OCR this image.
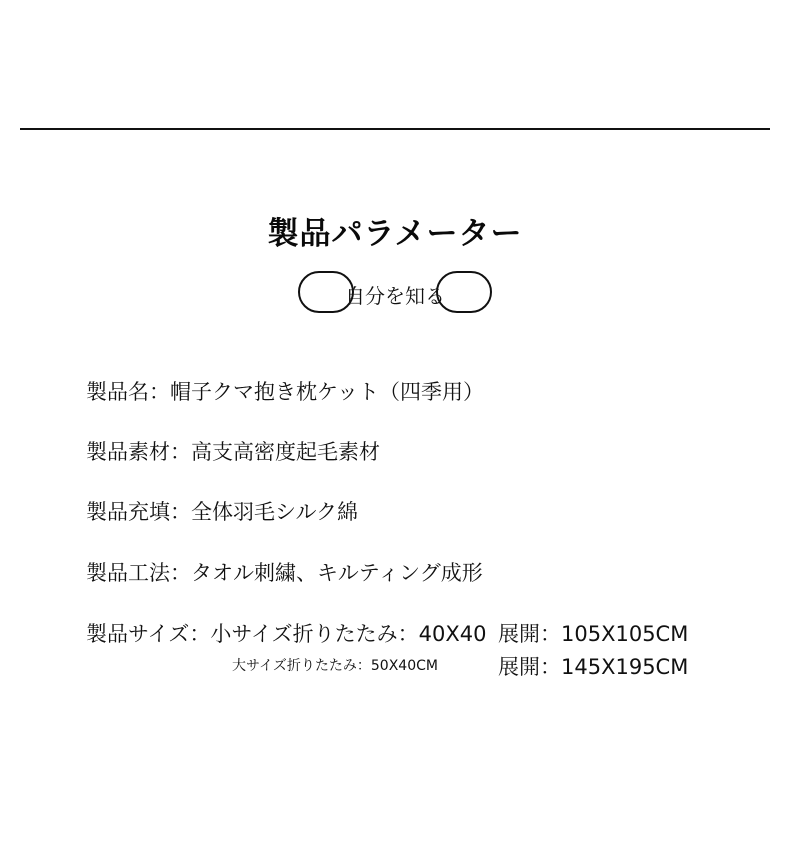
製品パラメーター
自分を知る
製品名：帽子クマ抱き枕ケット（四季用）
製品素材：高支高密度起毛素材
製品充填：全体羽毛シルク綿
製品工法：タオル刺繍、キルティング成形
製品サイズ：小サイズ折りたたみ：40X40 展開：105X105CM
大サイズ折りたたみ：50X40CM	展開：145X195CM
